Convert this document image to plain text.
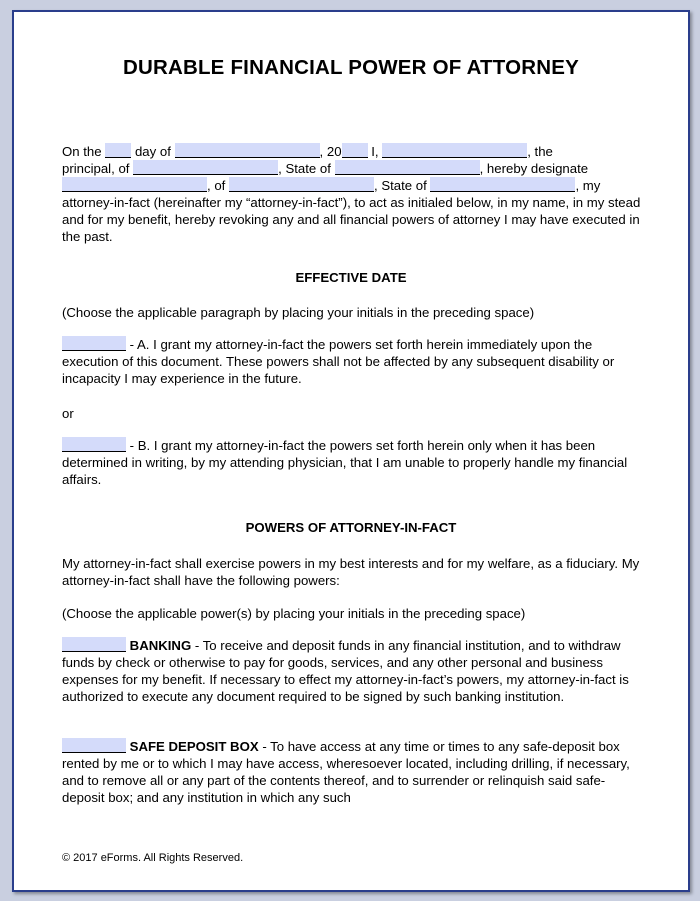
DURABLE FINANCIAL POWER OF ATTORNEY
On the	day of	, 20 I,	, the
principal, of	, State of	, hereby designate
, of	, State of	, my
attorney-in-fact (hereinafter my “attorney-in-fact”), to act as initialed below, in my name, in my stead and for my benefit, hereby revoking any and all financial powers of attorney I may have executed in the past.
EFFECTIVE DATE
(Choose the applicable paragraph by placing your initials in the preceding space)
- A. I grant my attorney-in-fact the powers set forth herein immediately upon the execution of this document. These powers shall not be affected by any subsequent disability or incapacity I may experience in the future.
or
- B. I grant my attorney-in-fact the powers set forth herein only when it has been determined in writing, by my attending physician, that I am unable to properly handle my financial affairs.
POWERS OF ATTORNEY-IN-FACT
My attorney-in-fact shall exercise powers in my best interests and for my welfare, as a fiduciary. My attorney-in-fact shall have the following powers:
(Choose the applicable power(s) by placing your initials in the preceding space)
BANKING - To receive and deposit funds in any financial institution, and to withdraw funds by check or otherwise to pay for goods, services, and any other personal and business expenses for my benefit. If necessary to effect my attorney-in-fact’s powers, my attorney-in-fact is authorized to execute any document required to be signed by such banking institution.
SAFE DEPOSIT BOX - To have access at any time or times to any safe-deposit box rented by me or to which I may have access, wheresoever located, including drilling, if necessary, and to remove all or any part of the contents thereof, and to surrender or relinquish said safe-deposit box; and any institution in which any such
© 2017 eForms. All Rights Reserved.
